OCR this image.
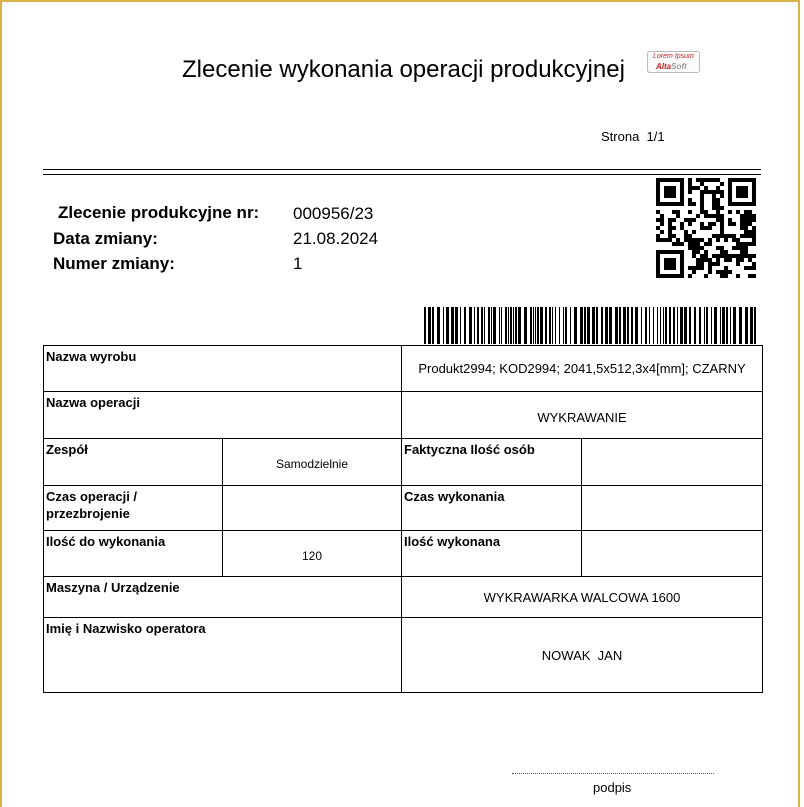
Zlecenie wykonania operacji produkcyjnej	Lorem Ipsum
AltaSoft
Strona 1/1
Zlecenie produkcyjne nr: 000956/23
Data zmiany:	21.08.2024
Numer zmiany:	1
Nazwa wyrobu		Produkt2994; KOD2994; 2041,5x512,3x4[mm]; CZARNY	

Nazwa operacji		WYKRAWANIE	

Zespół	Samodzielnie	Faktyczna Ilość osób	

Czas operacji / przezbrojenie		Czas wykonania	

Ilość do wykonania	120	Ilość wykonana	

Maszyna / Urządzenie		WYKRAWARKA WALCOWA 1600	

Imię i Nazwisko operatora		NOWAK  JAN	
podpis
